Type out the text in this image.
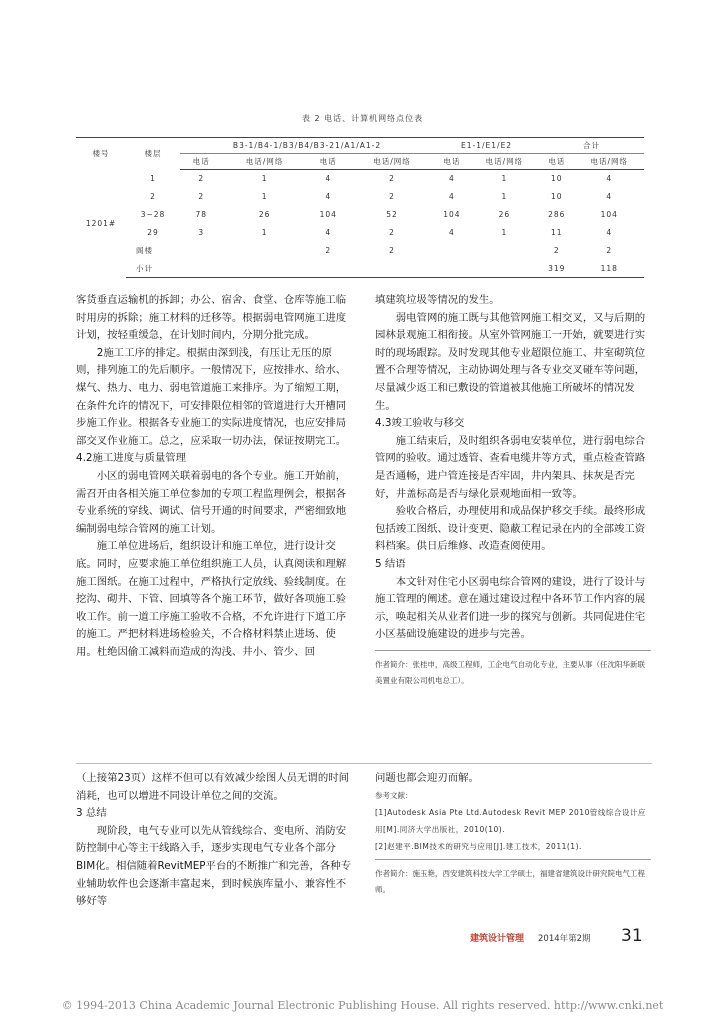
表 2 电话、计算机网络点位表
楼号	楼层	B3-1/B4-1/B3/B4/B3-21/A1/A1-2				E1-1/E1/E2		合计	
		电话	电话/网络	电话	电话/网络	电话	电话/网络	电话	电话/网络
1201#	1	2	1	4	2	4	1	10	4
	2	2	1	4	2	4	1	10	4
	3~28	78	26	104	52	104	26	286	104
	29	3	1	4	2	4	1	11	4
	阁楼			2	2			2	2
	小计							319	118

客货垂直运输机的拆卸；办公、宿舍、食堂、仓库等施工临时用房的拆除；施工材料的迁移等。根据弱电管网施工进度计划，按轻重缓急，在计划时间内，分期分批完成。

2施工工序的排定。根据由深到浅，有压让无压的原则，排列施工的先后顺序。一般情况下，应按排水、给水、煤气、热力、电力、弱电管道施工来排序。为了缩短工期，在条件允许的情况下，可安排限位相邻的管道进行大开槽同步施工作业。根据各专业施工的实际进度情况，也应安排局部交叉作业施工。总之，应采取一切办法，保证按期完工。

4.2施工进度与质量管理

小区的弱电管网关联着弱电的各个专业。施工开始前，需召开由各相关施工单位参加的专项工程监理例会，根据各专业系统的穿线、调试、信号开通的时间要求，严密细致地编制弱电综合管网的施工计划。

施工单位进场后，组织设计和施工单位，进行设计交底。同时，应要求施工单位组织施工人员，认真阅读和理解施工图纸。在施工过程中，严格执行定放线、验线制度。在挖沟、砌井、下管、回填等各个施工环节，做好各项施工验收工作。前一道工序施工验收不合格，不允许进行下道工序的施工。严把材料进场检验关，不合格材料禁止进场、使用。杜绝因偷工减料而造成的沟浅、井小、管少、回

填建筑垃圾等情况的发生。

弱电管网的施工既与其他管网施工相交叉，又与后期的园林景观施工相衔接。从室外管网施工一开始，就要进行实时的现场跟踪。及时发现其他专业超限位施工、井室砌筑位置不合理等情况，主动协调处理与各专业交叉碰车等问题，尽量减少返工和已敷设的管道被其他施工所破坏的情况发生。

4.3竣工验收与移交

施工结束后，及时组织各弱电安装单位，进行弱电综合管网的验收。通过透管、查看电缆井等方式，重点检查管路是否通畅，进户管连接是否牢固，井内架具、抹灰是否完好，井盖标高是否与绿化景观地面相一致等。

验收合格后，办理使用和成品保护移交手续。最终形成包括竣工图纸、设计变更、隐蔽工程记录在内的全部竣工资料档案。供日后维修、改造查阅使用。

5 结语

本文针对住宅小区弱电综合管网的建设，进行了设计与施工管理的阐述。意在通过建设过程中各环节工作内容的展示，唤起相关从业者们进一步的探究与创新。共同促进住宅小区基础设施建设的进步与完善。

作者简介：张桂申，高级工程师，工企电气自动化专业，主要从事（任沈阳华新联美置业有限公司机电总工）。

（上接第23页）这样不但可以有效减少绘图人员无谓的时间消耗，也可以增进不同设计单位之间的交流。

3 总结

现阶段，电气专业可以先从管线综合、变电所、消防安防控制中心等主干线路入手，逐步实现电气专业各个部分BIM化。相信随着RevitMEP平台的不断推广和完善，各种专业辅助软件也会逐渐丰富起来，到时候族库量小、兼容性不够好等

问题也都会迎刃而解。

参考文献：

[1]Autodesk Asia Pte Ltd.Autodesk Revit MEP 2010管线综合设计应用[M].同济大学出版社，2010(10).

[2]赵建平.BIM技术的研究与应用[J].建工技术，2011(1).

作者简介：施玉艳，西安建筑科技大学工学硕士，福建省建筑设计研究院电气工程师。

建筑设计管理 2014年第2期 31
© 1994-2013 China Academic Journal Electronic Publishing House. All rights reserved. http://www.cnki.net
